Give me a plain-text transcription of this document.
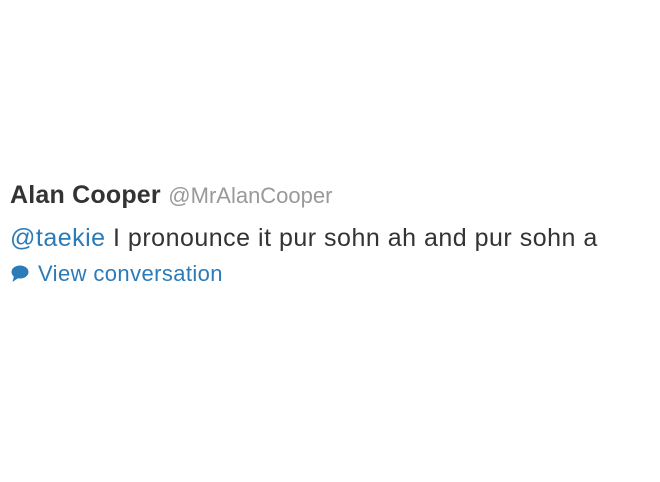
Alan Cooper @MrAlanCooper
@taekie I pronounce it pur sohn ah and pur sohn a
View conversation
